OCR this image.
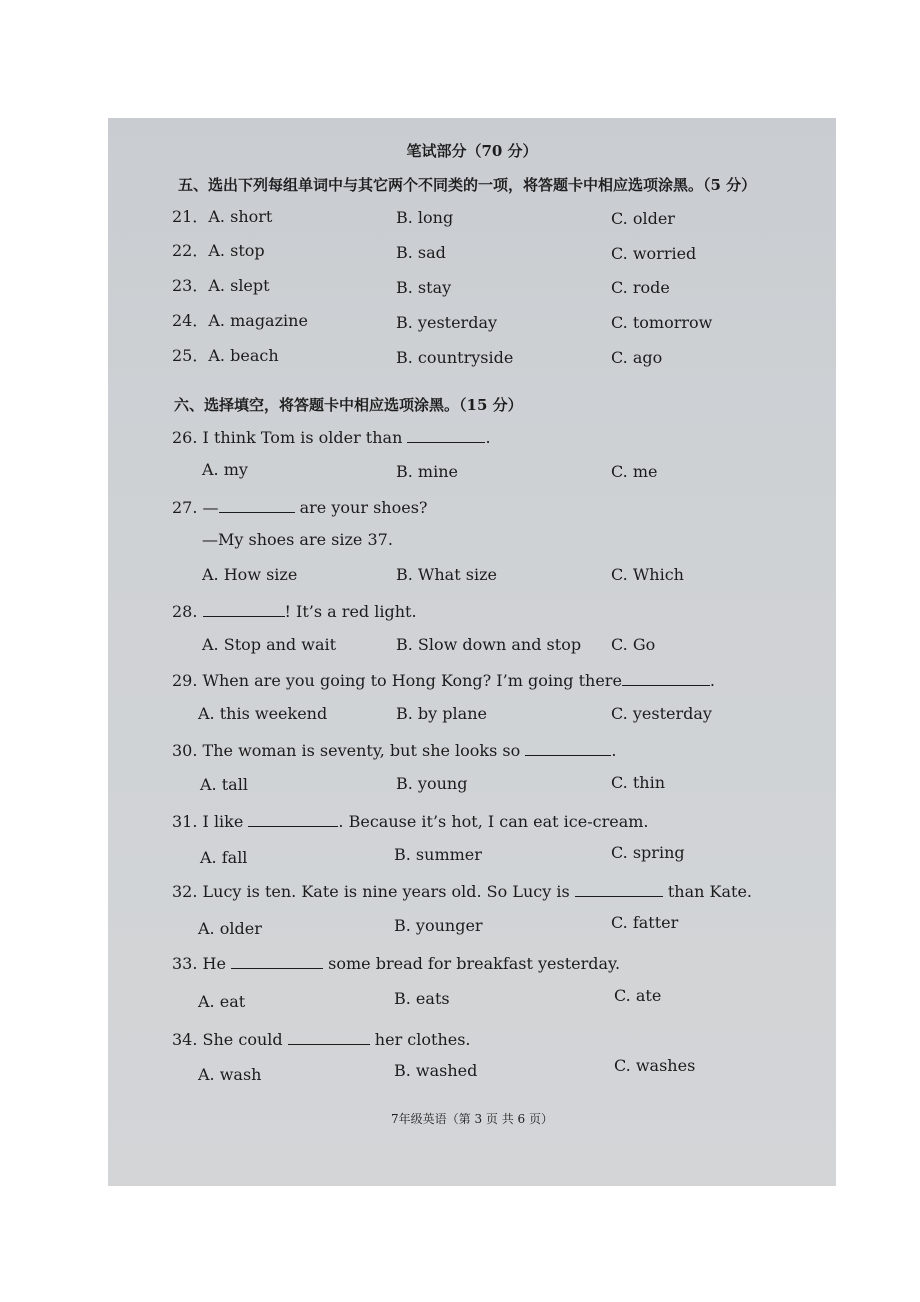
笔试部分（70 分）
五、选出下列每组单词中与其它两个不同类的一项，将答题卡中相应选项涂黑。（5 分）
21．A. short	B. long	C. older
22．A. stop	B. sad	C. worried
23．A. slept	B. stay	C. rode
24．A. magazine	B. yesterday	C. tomorrow
25．A. beach	B. countryside	C. ago
六、选择填空，将答题卡中相应选项涂黑。（15 分）
26. I think Tom is older than	.
A. my	B. mine	C. me
27. —	are your shoes?
—My shoes are size 37.
A. How size	B. What size	C. Which
28.	! It’s a red light.
A. Stop and wait	B. Slow down and stop C. Go
29. When are you going to Hong Kong? I’m going there	.
A. this weekend	B. by plane	C. yesterday
30. The woman is seventy, but she looks so	.
A. tall	B. young	C. thin
31. I like	. Because it’s hot, I can eat ice-cream.
A. fall	B. summer	C. spring
32. Lucy is ten. Kate is nine years old. So Lucy is	than Kate.
A. older	B. younger	C. fatter
33. He	some bread for breakfast yesterday.
A. eat	B. eats	C. ate
34. She could	her clothes.
A. wash	B. washed	C. washes
7年级英语（第 3 页 共 6 页）
